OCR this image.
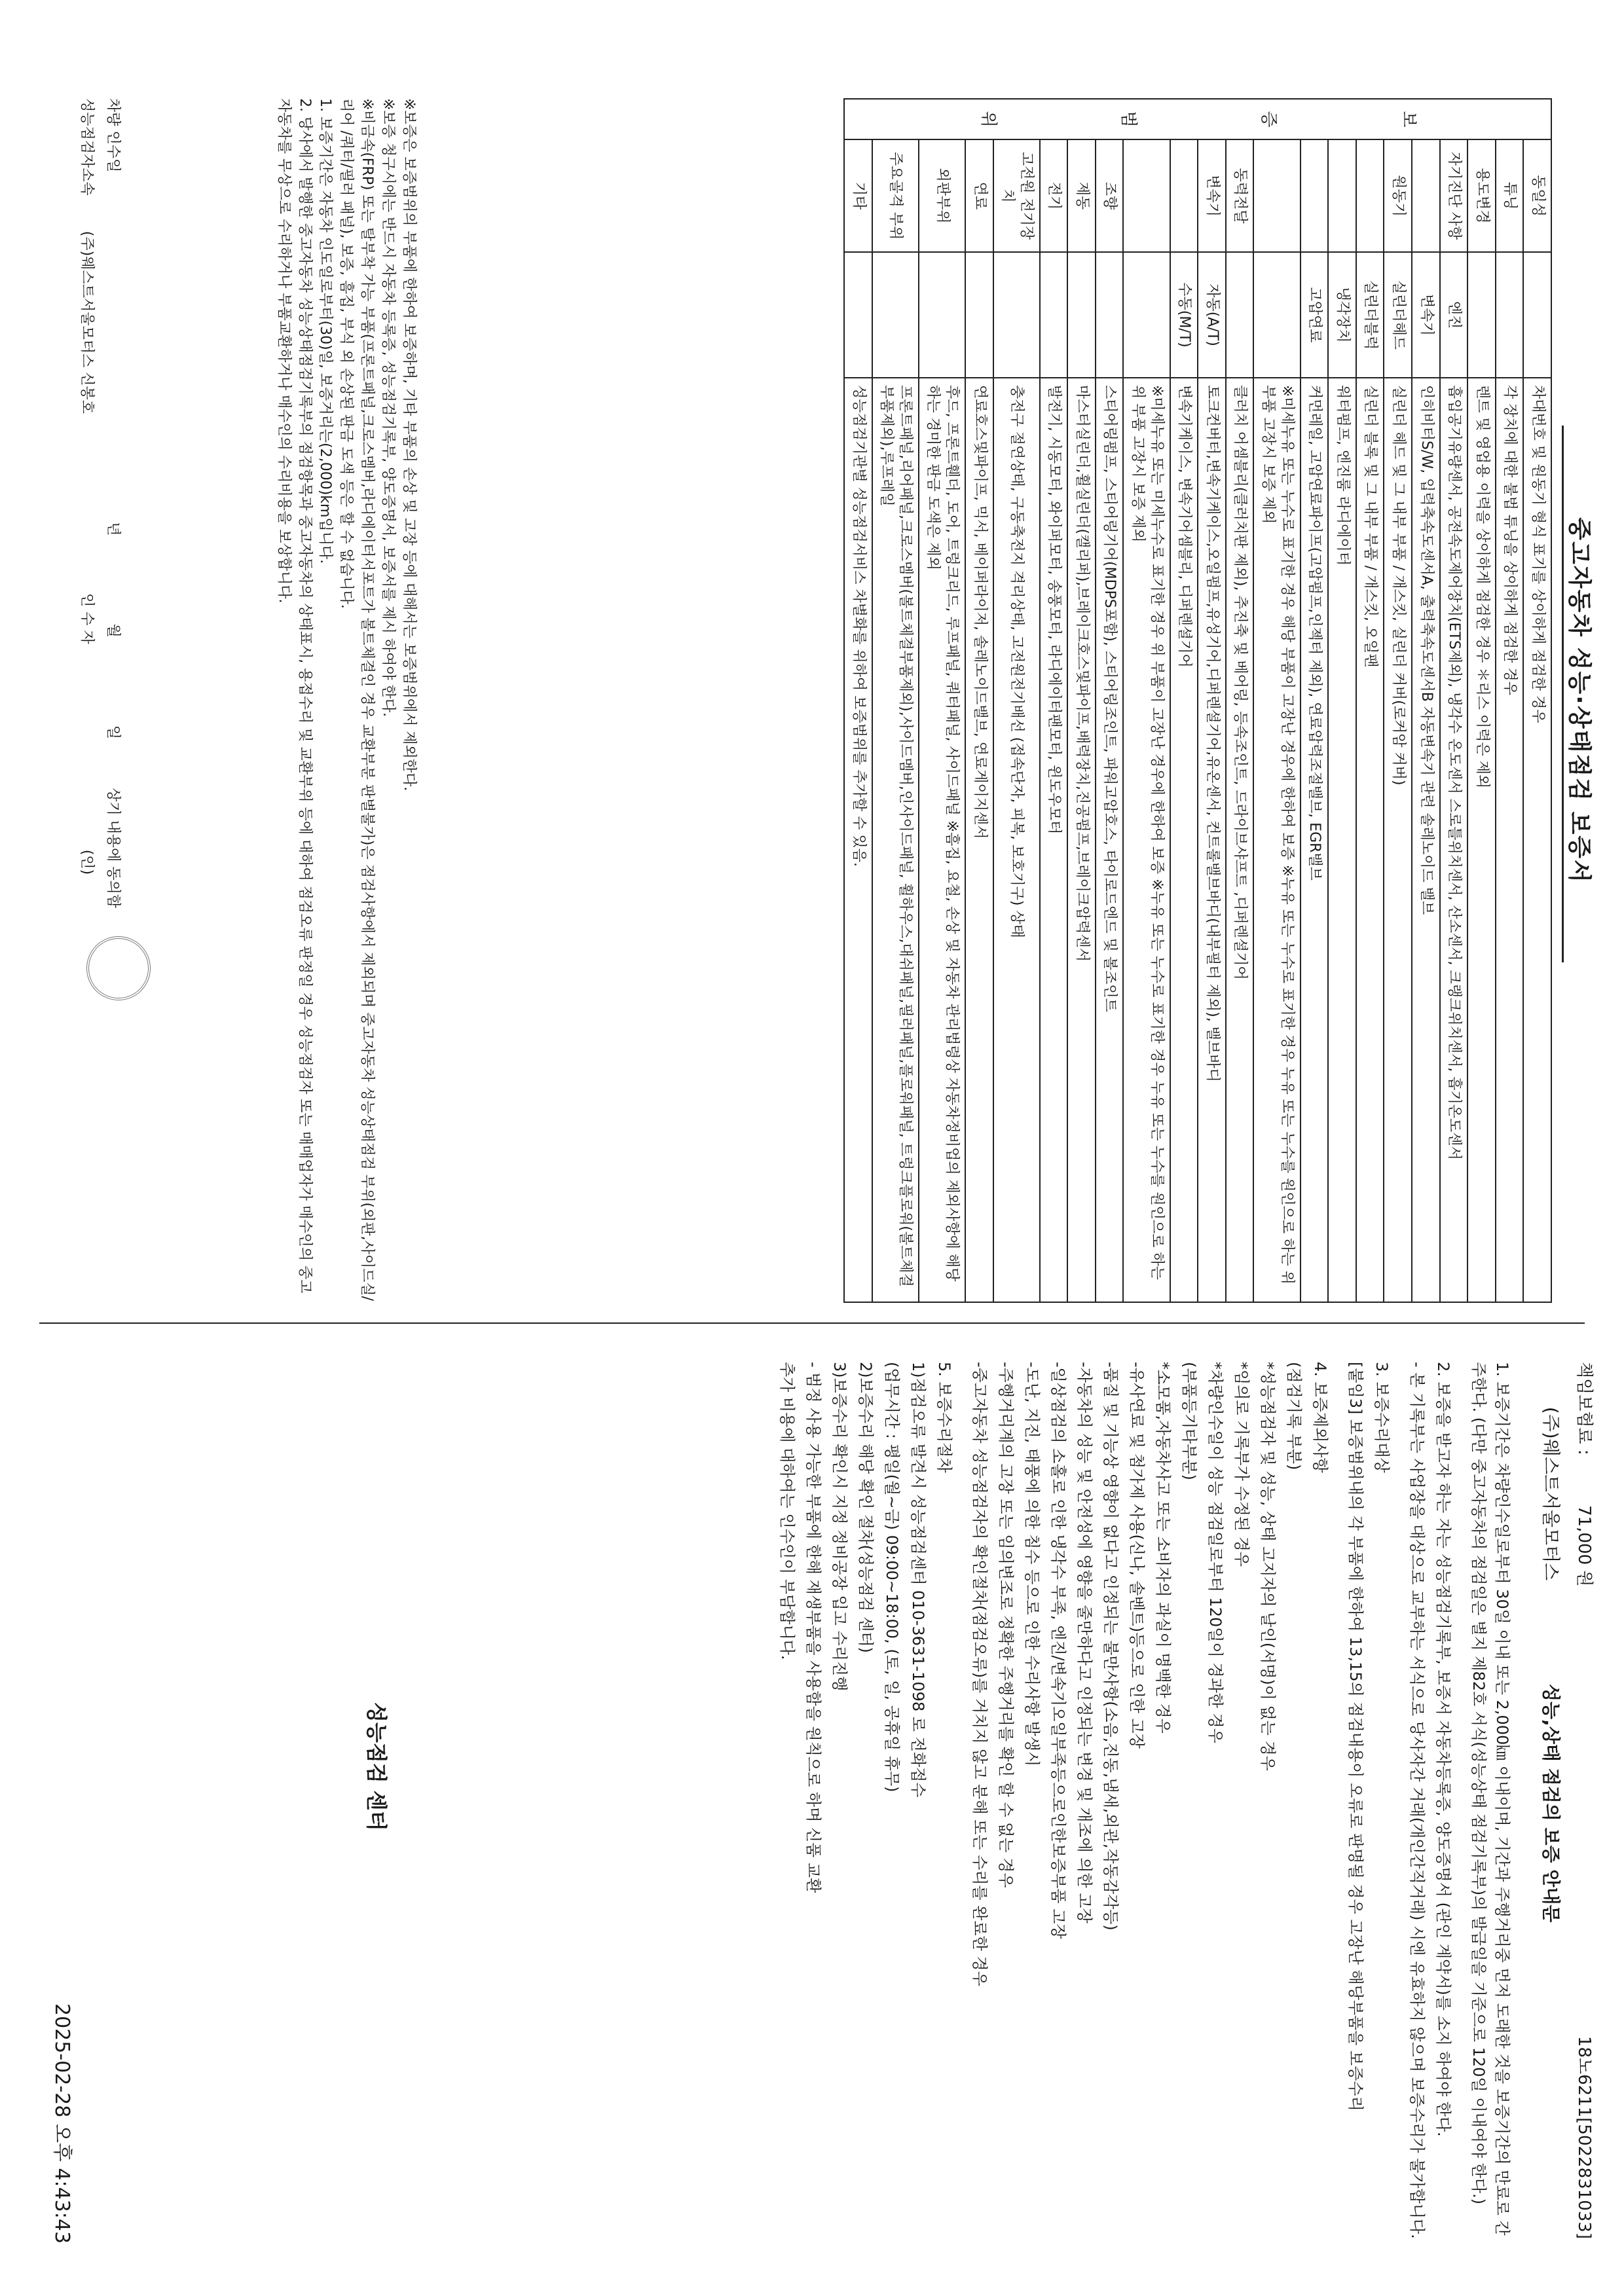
중고자동차 성능·상태점검 보증서
보
증
범
위	동일성		차대번호 및 원동기 형식 표기를 상이하게 점검한 경우
	튜닝		각 장치에 대한 불법 튜닝을 상이하게 점검한 경우
	용도변경		렌트 및 영업용 이력을 상이하게 점검한 경우 ＊리스 이력은 제외
	자기진단 사항	엔진	흡입공기유량센서, 공전속도제어장치(ETS제외), 냉각수 온도센서 스로틀위치센서, 산소센서, 크랭크위치센서, 흡기온도센서
		변속기	인히비터S/W, 입력축속도센서A, 출력축속도센서B 자동변속기 관련 솔레노이드 밸브
	원동기	실린더헤드	실린더 헤드 및 그 내부 부품 / 개스킷, 실린더 커버(로커암 커버)
		실린더블럭	실린더 블록 및 그 내부 부품 / 개스킷, 오일팬
		냉각장치	워터펌프, 엔진룸 라디에이터
		고압연료	커먼레일, 고압연료파이프(고압펌프,인젝터 제외), 연료압력조절밸브, EGR밸브
			※미세누유 또는 누수로 표기한 경우 해당 부품이 고장난 경우에 한하여 보증 ※누유 또는 누수로 표기한 경우 누유 또는 누수를 원인으로 하는 위 부품 고장시 보증 제외
	동력전달		클러치 어셈블리(클러치판 제외), 추진축 및 베어링, 등속조인트, 드라이브샤프트 ,디퍼렌셜기어
	변속기	자동(A/T)	토크컨버터,변속기케이스,오일펌프,유성기어,디퍼렌셜기어,유온센서, 컨트롤밸브바디(내부필터 제외), 밸브바디
		수동(M/T)	변속기케이스, 변속기어셈블리, 디퍼렌셜기어
			※미세누유 또는 미세누수로 표기한 경우 위 부품이 고장난 경우에 한하여 보증 ※누유 또는 누수로 표기한 경우 누유 또는 누수를 원인으로 하는 위 부품 고장시 보증 제외
	조향		스티어링펌프, 스티어링기어(MDPS포함), 스티어링조인트, 파워고압호스, 타이로드엔드 및 볼조인트
	제동		마스터실린더,휠실린더(캘리퍼),브레이크호스및파이프,배력장치,진공펌프,브레이크압력센서
	전기		발전기, 시동모터, 와이퍼모터, 송풍모터, 라디에이터팬모터, 윈도우모터
	고전원 전기장치		충전구 절연상태, 구동축전지 격리상태, 고전원전기배선 (접속단자, 피복, 보호기구) 상태
	연료		연료호스및파이프, 믹서, 베이퍼라이저, 솔레노이드밸브, 연료게이지센서
	외판부위		후드, 프론트휀더, 도어, 트렁크리드, 루프패널, 쿼터패널, 사이드패널 ※흠집, 요철, 손상 및 자동차 관리법령상 자동차정비업의 제외사항에 해당하는 경미한 판금 도색은 제외
	주요골격 부위		프론트패널,리어패널,크로스멤버(볼트체결부품제외),사이드멤버,인사이드패널, 휠하우스,대쉬패널,필러패널,플로워패널, 트렁크플로워(볼트체결부품제외),루프레일
	기타		성능점검기관별 성능점검서비스 차별화를 위하여 보증범위를 추가할 수 있음.

※보증은 보증범위의 부품에 한하여 보증하며, 기타 부품의 손상 및 고장 등에 대해서는 보증범위에서 제외한다.

※보증 청구시에는 반드시 자동차 등록증, 성능점검기록부, 양도증명서, 보증서를 제시 하여야 한다.

※비금속(FRP) 또는 탈부착 가능 부품(프론트패널,크로스멤버,라디에이터서포트가 볼트체결인 경우 교환부분 판별불가)은 점검사항에서 제외되며 중고자동차 성능상태점검 부위(외판,사이드실/리어 /쿼터/필러 패널), 보증, 흠집, 부식 외 손상된 판금 도색 등은 할 수 없습니다.

1. 보증기간은 자동차 인도일로부터(30)일, 보증거리는(2,000)km입니다.

2. 당사에서 발행한 중고자동차 성능상태점검기록부의 점검항목과 중고자동차의 상태표시, 용접수리 및 교환부위 등에 대하여 점검오류 판정일 경우 성능점검자 또는 매매업자가 매수인의 중고자동차를 무상으로 수리하거나 부품교환하거나 매수인의 수리비용을 보상합니다.

성능점검자소속  (주)웨스트서울모터스 신봉호  인 수 자  (인)
차량 인수일  년  월  일  상기 내용에 동의함
책임보험료 :  71,000 원
18노6211[5022831033]
(주)웨스트서울모터스  성능,상태 점검의 보증 안내문

1. 보증기간은 차량인수일로부터 30일 이내 또는 2,000㎞ 이내이며, 기간과 주행거리중 먼저 도래한 것을 보증기간의 만료로 간주한다. (다만 중고자동차의 점검일은 별지 제82호 서식(성능상태 점검기록부)의 발급일을 기준으로 120일 이내여야 한다.)

2. 보증을 받고자 하는 자는 성능점검기록부, 보증서 자동차등록증, 양도증명서 (관인 계약서)를 소지 하여야 한다.

- 본 기록부는 사업장을 대상으로 교부하는 서식으로 당사자간 거래(개인간직거래) 시엔 유효하지 않으며 보증수리가 불가합니다.

3. 보증수리대상

[붙임3] 보증범위내의 각 부품에 한하여 13,15의 점검내용이 오류로 판명될 경우 고장난 해당부품을 보증수리

4. 보증제외사항

(점검기록 부분)

*성능점검자 및 성능, 상태 고지자의 날인(서명)이 없는 경우

*임의로 기록부가 수정된 경우

*차량인수일이 성능 점검일로부터 120일이 경과한 경우

(부품등기타부분)

*소모품,자동차사고 또는 소비자의 과실이 명백한 경우

-유사연료 및 첨가제 사용(신나, 솔벤트)등으로 인한 고장

-품질 및 기능상 영향이 없다고 인정되는 불만사항(소음,진동,냄새,외관,작동감각등)

-자동차의 성능 및 안전성에 영향을 줄만하다고 인정되는 변경 및 개조에 의한 고장

-일상점검의 소홀로 인한 냉각수 부족, 엔진/변속기오일부족등으로인한보증부품 고장

-도난, 지진, 태풍에 의한 침수 등으로 인한 수리사항 발생시

-주행거리계의 고장 또는 임의변조로 정확한 주행거리를 확인 할 수 없는 경우

-중고자동차 성능점검자의 확인절차(점검오류)를 거치지 않고 분해 또는 수리를 완료한 경우

5. 보증수리절차

1)점검오류 발견시 성능점검센터 010-3631-1098 로 전화접수

(업무시간 : 평일(월~금) 09:00~18:00, (토, 일, 공휴일 휴무)

2)보증수리 해당 확인 절차(성능점검 센터)

3)보증수리 확인시 지정 정비공장 입고 수리진행

- 범정 사용 가능한 부품에 한해 재생부품을 사용함을 원칙으로 하며 신품 교환

추가 비용에 대하여는 인수인이 부담합니다.

성능점검 센터
2025-02-28 오후 4:43:43
